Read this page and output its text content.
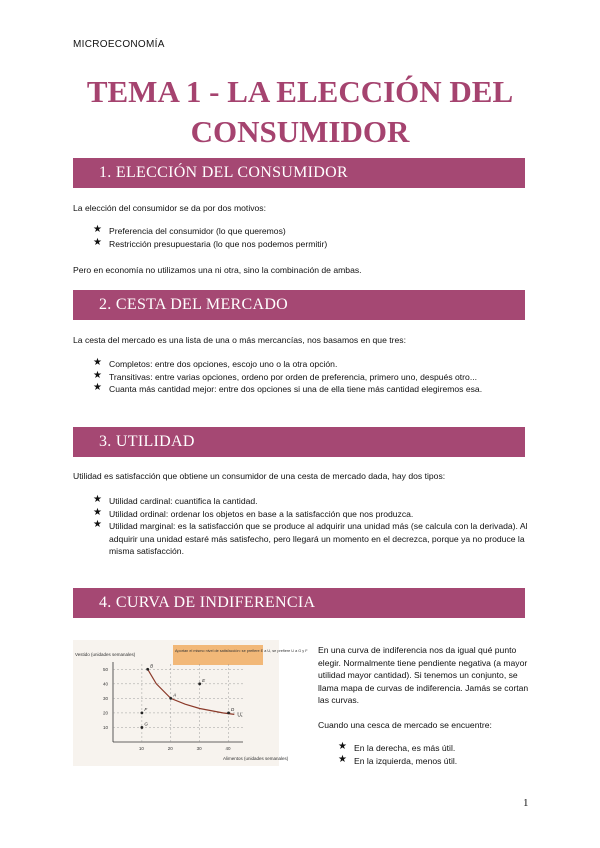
MICROECONOMÍA
TEMA 1 - LA ELECCIÓN DEL
CONSUMIDOR
1. ELECCIÓN DEL CONSUMIDOR
La elección del consumidor se da por dos motivos:
★ Preferencia del consumidor (lo que queremos)
★ Restricción presupuestaria (lo que nos podemos permitir)
Pero en economía no utilizamos una ni otra, sino la combinación de ambas.
2. CESTA DEL MERCADO
La cesta del mercado es una lista de una o más mercancías, nos basamos en que tres:
★ Completos: entre dos opciones, escojo uno o la otra opción.
★ Transitivas: entre varias opciones, ordeno por orden de preferencia, primero uno, después otro...
★ Cuanta más cantidad mejor: entre dos opciones si una de ella tiene más cantidad elegiremos esa.
3. UTILIDAD
Utilidad es satisfacción que obtiene un consumidor de una cesta de mercado dada, hay dos tipos:
★ Utilidad cardinal: cuantifica la cantidad.
★ Utilidad ordinal: ordenar los objetos en base a la satisfacción que nos produzca.
★ Utilidad marginal: es la satisfacción que se produce al adquirir una unidad más (se calcula con la derivada). Al adquirir una unidad estaré más satisfecho, pero llegará un momento en el decrezca, porque ya no produce la misma satisfacción.
4. CURVA DE INDIFERENCIA
Vestido (unidades semanales)
Alimentos (unidades semanales)
Aportan el mismo nivel de satisfacción: se prefiere E a U, se prefiere U a G y F
10	20	30	40
50
40
30
20
10
U₁
B
A
E
D
F
G
En una curva de indiferencia nos da igual qué punto elegir. Normalmente tiene pendiente negativa (a mayor utilidad mayor cantidad). Si tenemos un conjunto, se llama mapa de curvas de indiferencia. Jamás se cortan las curvas.
Cuando una cesca de mercado se encuentre:
★ En la derecha, es más útil.
★ En la izquierda, menos útil.
1
